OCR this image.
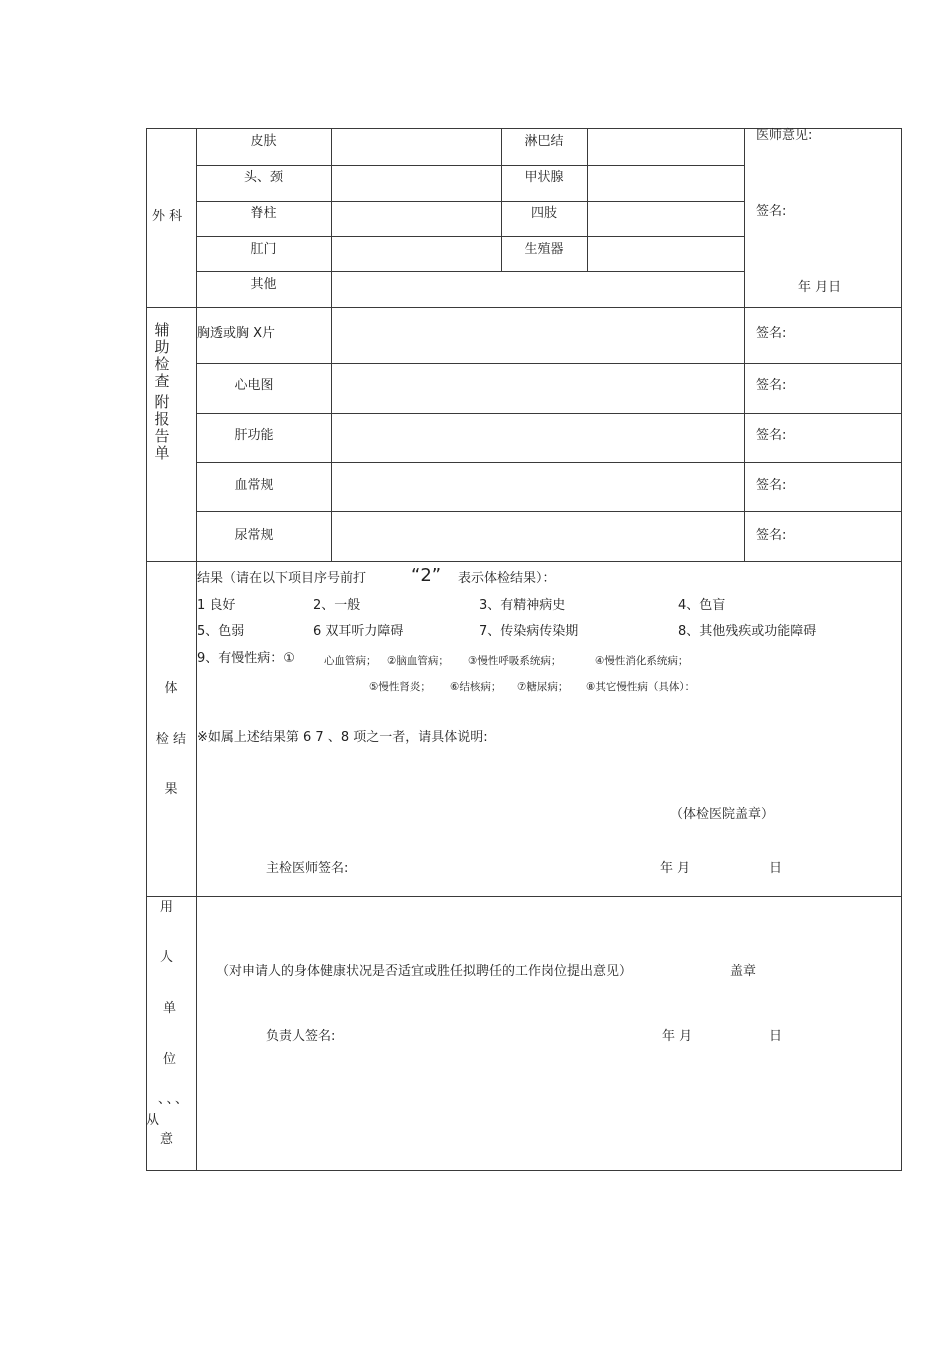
外 科
皮肤	淋巴结
头、颈	甲状腺
脊柱	四肢
肛门	生殖器
其他
医师意见:
签名:
年 月日
辅
助
检
查
附
报
告
单
胸透或胸 X片	签名:
心电图	签名:
肝功能	签名:
血常规	签名:
尿常规	签名:
体
检 结
果
结果（请在以下项目序号前打 “2” 表示体检结果）：
1 良好	2、一般	3、有精神病史	4、色盲
5、色弱	6 双耳听力障碍	7、传染病传染期	8、其他残疾或功能障碍
9、有慢性病：①	心血管病； ②脑血管病； ③慢性呼吸系统病；	④慢性消化系统病；
⑤慢性肾炎； ⑥结核病； ⑦糖尿病； ⑧其它慢性病（具体）：
※如属上述结果第 6 7 、8 项之一者，请具体说明:
（体检医院盖章）
主检医师签名:	年 月	日
用
人
单
位
、、、
从
意
（对申请人的身体健康状况是否适宜或胜任拟聘任的工作岗位提出意见）	盖章
负责人签名:	年 月	日
